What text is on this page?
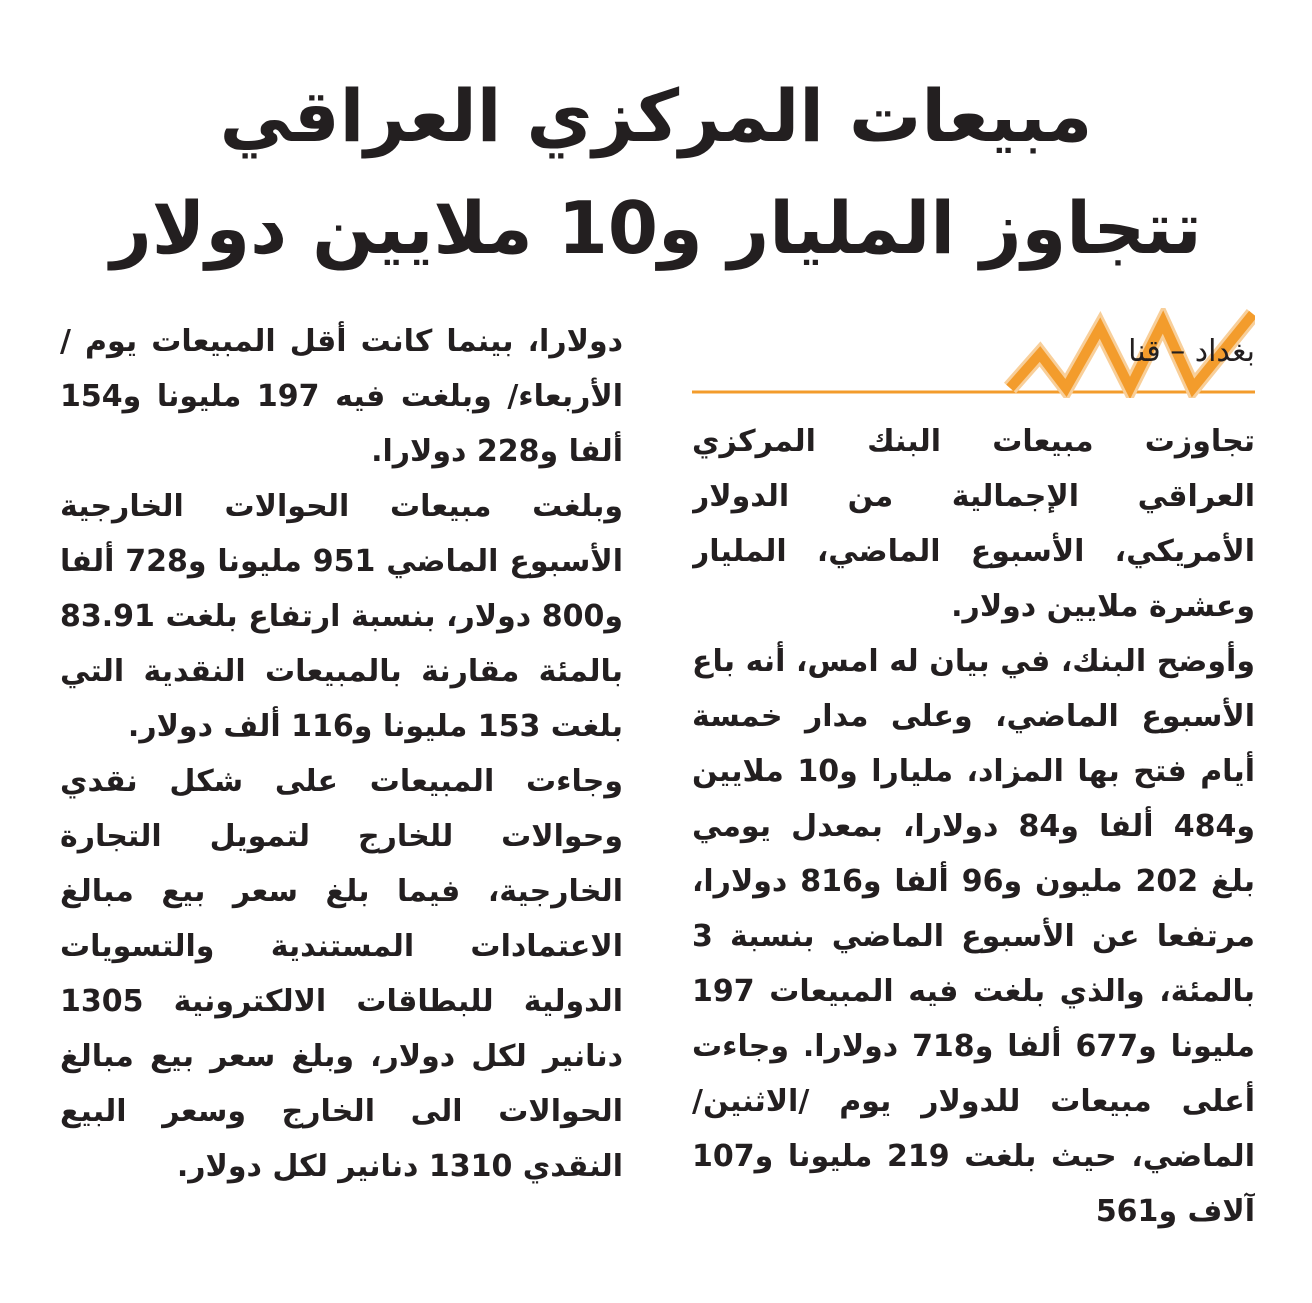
مبيعات المركزي العراقي
تتجاوز المليار و10 ملايين دولار

بغداد – قنا

تجاوزت مبيعات البنك المركزي العراقي الإجمالية من الدولار الأمريكي، الأسبوع الماضي، المليار وعشرة ملايين دولار.

وأوضح البنك، في بيان له امس، أنه باع الأسبوع الماضي، وعلى مدار خمسة أيام فتح بها المزاد، مليارا و10 ملايين و484 ألفا و84 دولارا، بمعدل يومي بلغ 202 مليون و96 ألفا و816 دولارا، مرتفعا عن الأسبوع الماضي بنسبة 3 بالمئة، والذي بلغت فيه المبيعات 197 مليونا و677 ألفا و718 دولارا. وجاءت أعلى مبيعات للدولار يوم /الاثنين/ الماضي، حيث بلغت 219 مليونا و107 آلاف و561

دولارا، بينما كانت أقل المبيعات يوم /الأربعاء/ وبلغت فيه 197 مليونا و154 ألفا و228 دولارا.

وبلغت مبيعات الحوالات الخارجية الأسبوع الماضي 951 مليونا و728 ألفا و800 دولار، بنسبة ارتفاع بلغت 83.91 بالمئة مقارنة بالمبيعات النقدية التي بلغت 153 مليونا و116 ألف دولار.

وجاءت المبيعات على شكل نقدي وحوالات للخارج لتمويل التجارة الخارجية، فيما بلغ سعر بيع مبالغ الاعتمادات المستندية والتسويات الدولية للبطاقات الالكترونية 1305 دنانير لكل دولار، وبلغ سعر بيع مبالغ الحوالات الى الخارج وسعر البيع النقدي 1310 دنانير لكل دولار.
